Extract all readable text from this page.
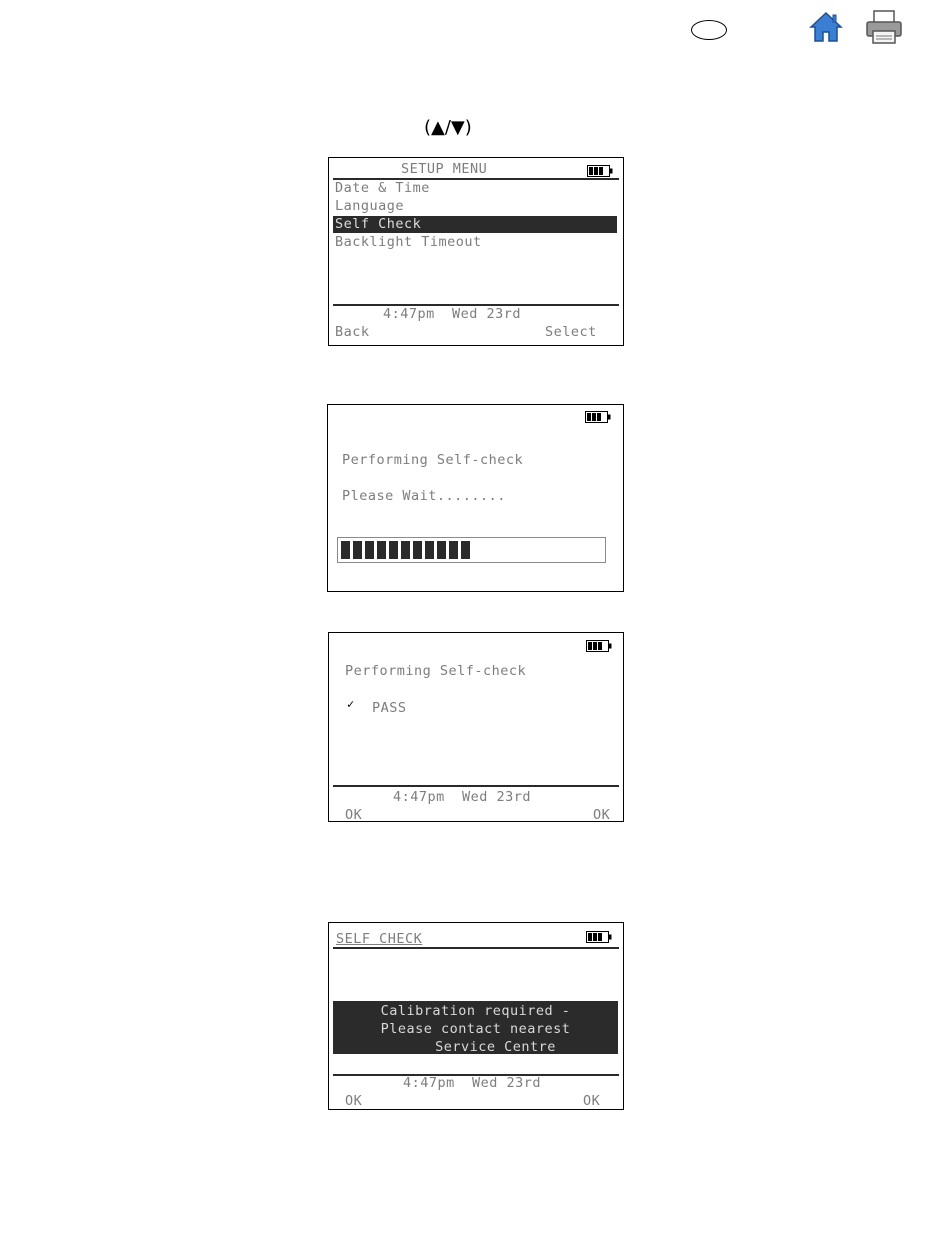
(▲/▼)
SETUP MENU
Date & Time
Language
Self Check
Backlight Timeout
4:47pm  Wed 23rd
Back	Select
Performing Self-check
Please Wait........
Performing Self-check
✓ PASS
4:47pm  Wed 23rd
OK	OK
SELF CHECK
Calibration required -
Please contact nearest
Service Centre
4:47pm  Wed 23rd
OK	OK
